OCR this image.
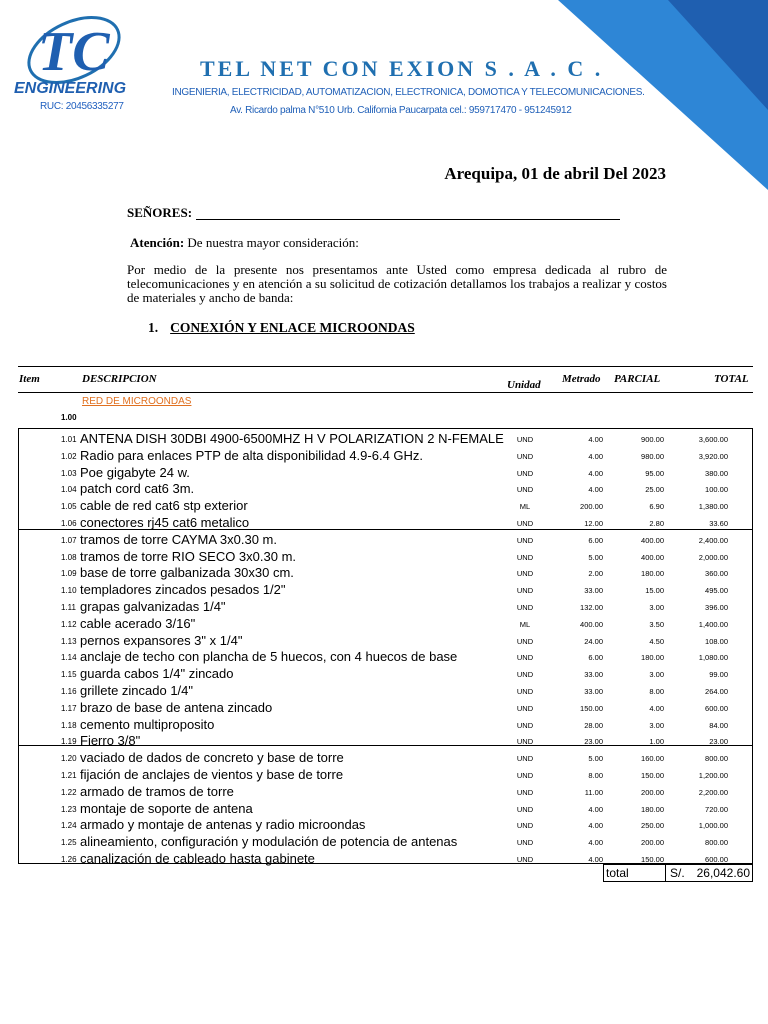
TC
ENGINEERING
RUC: 20456335277
TEL NET CON EXION S . A . C .
INGENIERIA, ELECTRICIDAD, AUTOMATIZACION, ELECTRONICA, DOMOTICA Y TELECOMUNICACIONES.
Av. Ricardo palma N°510 Urb. California Paucarpata cel.: 959717470 - 951245912
Arequipa, 01 de abril Del 2023
SEÑORES:
Atención: De nuestra mayor consideración:
Por medio de la presente nos presentamos ante Usted como empresa dedicada al rubro de telecomunicaciones y en atención a su solicitud de cotización detallamos los trabajos a realizar y costos de materiales y ancho de banda:
1. CONEXIÓN Y ENLACE MICROONDAS
Item	DESCRIPCION	Unidad Metrado PARCIAL	TOTAL
RED DE MICROONDAS
1.00
1.01 ANTENA DISH 30DBI 4900-6500MHZ H V POLARIZATION 2 N-FEMALE	UND	4.00	900.00	3,600.00
1.02 Radio para enlaces PTP de alta disponibilidad 4.9-6.4 GHz.	UND	4.00	980.00	3,920.00
1.03 Poe gigabyte 24 w.	UND	4.00	95.00	380.00
1.04 patch cord cat6 3m.	UND	4.00	25.00	100.00
1.05 cable de red cat6 stp exterior	ML	200.00	6.90	1,380.00
1.06 conectores rj45 cat6 metalico	UND	12.00	2.80	33.60
1.07 tramos de torre CAYMA 3x0.30 m.	UND	6.00	400.00	2,400.00
1.08 tramos de torre RIO SECO 3x0.30 m.	UND	5.00	400.00	2,000.00
1.09 base de torre galbanizada 30x30 cm.	UND	2.00	180.00	360.00
1.10 templadores zincados pesados 1/2"	UND	33.00	15.00	495.00
1.11 grapas galvanizadas 1/4"	UND	132.00	3.00	396.00
1.12 cable acerado 3/16"	ML	400.00	3.50	1,400.00
1.13 pernos expansores 3" x 1/4"	UND	24.00	4.50	108.00
1.14 anclaje de techo con plancha de 5 huecos, con 4 huecos de base	UND	6.00	180.00	1,080.00
1.15 guarda cabos 1/4" zincado	UND	33.00	3.00	99.00
1.16 grillete zincado 1/4"	UND	33.00	8.00	264.00
1.17 brazo de base de antena zincado	UND	150.00	4.00	600.00
1.18 cemento multiproposito	UND	28.00	3.00	84.00
1.19 Fierro 3/8"	UND	23.00	1.00	23.00
1.20 vaciado de dados de concreto y base de torre	UND	5.00	160.00	800.00
1.21 fijación de anclajes de vientos y base de torre	UND	8.00	150.00	1,200.00
1.22 armado de tramos de torre	UND	11.00	200.00	2,200.00
1.23 montaje de soporte de antena	UND	4.00	180.00	720.00
1.24 armado y montaje de antenas y radio microondas	UND	4.00	250.00	1,000.00
1.25 alineamiento, configuración y modulación de potencia de antenas	UND	4.00	200.00	800.00
1.26 canalización de cableado hasta gabinete	UND	4.00	150.00	600.00
total	S/. 26,042.60
